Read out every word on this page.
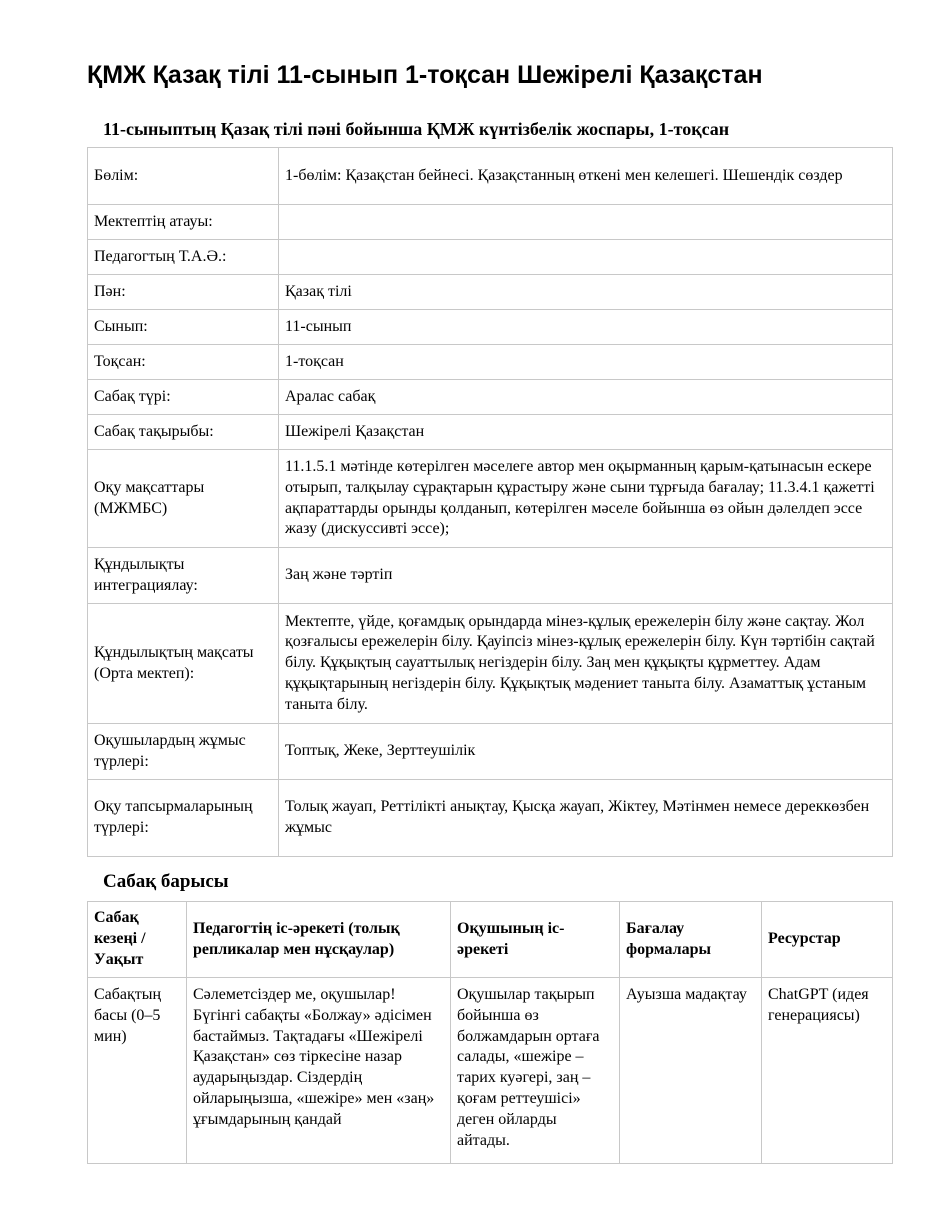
ҚМЖ Қазақ тілі 11-сынып 1-тоқсан Шежірелі Қазақстан
11-сыныптың Қазақ тілі пәні бойынша ҚМЖ күнтізбелік жоспары, 1-тоқсан
Бөлім:	1-бөлім: Қазақстан бейнесі. Қазақстанның өткені мен келешегі. Шешендік сөздер
Мектептің атауы:	
Педагогтың Т.А.Ә.:	
Пән:	Қазақ тілі
Сынып:	11-сынып
Тоқсан:	1-тоқсан
Сабақ түрі:	Аралас сабақ
Сабақ тақырыбы:	Шежірелі Қазақстан
Оқу мақсаттары (МЖМБС)	11.1.5.1 мәтінде көтерілген мәселеге автор мен оқырманның қарым-қатынасын ескере отырып, талқылау сұрақтарын құрастыру және сыни тұрғыда бағалау; 11.3.4.1 қажетті ақпараттарды орынды қолданып, көтерілген мәселе бойынша өз ойын дәлелдеп эссе жазу (дискуссивті эссе);
Құндылықты интеграциялау:	Заң және тәртіп
Құндылықтың мақсаты (Орта мектеп):	Мектепте, үйде, қоғамдық орындарда мінез-құлық ережелерін білу және сақтау. Жол қозғалысы ережелерін білу. Қауіпсіз мінез-құлық ережелерін білу. Күн тәртібін сақтай білу. Құқықтың сауаттылық негіздерін білу. Заң мен құқықты құрметтеу. Адам құқықтарының негіздерін білу. Құқықтық мәдениет таныта білу. Азаматтық ұстаным таныта білу.
Оқушылардың жұмыс түрлері:	Топтық, Жеке, Зерттеушілік
Оқу тапсырмаларының түрлері:	Толық жауап, Реттілікті анықтау, Қысқа жауап, Жіктеу, Мәтінмен немесе дереккөзбен жұмыс
Сабақ барысы
Сабақ кезеңі / Уақыт	Педагогтің іс-әрекеті (толық репликалар мен нұсқаулар)	Оқушының іс-әрекеті	Бағалау формалары	Ресурстар
Сабақтың басы (0–5 мин)	Сәлеметсіздер ме, оқушылар! Бүгінгі сабақты «Болжау» әдісімен бастаймыз. Тақтадағы «Шежірелі Қазақстан» сөз тіркесіне назар аударыңыздар. Сіздердің ойларыңызша, «шежіре» мен «заң» ұғымдарының қандай	Оқушылар тақырып бойынша өз болжамдарын ортаға салады, «шежіре – тарих куәгері, заң – қоғам реттеушісі» деген ойларды айтады.	Ауызша мадақтау	ChatGPT (идея генерациясы)
